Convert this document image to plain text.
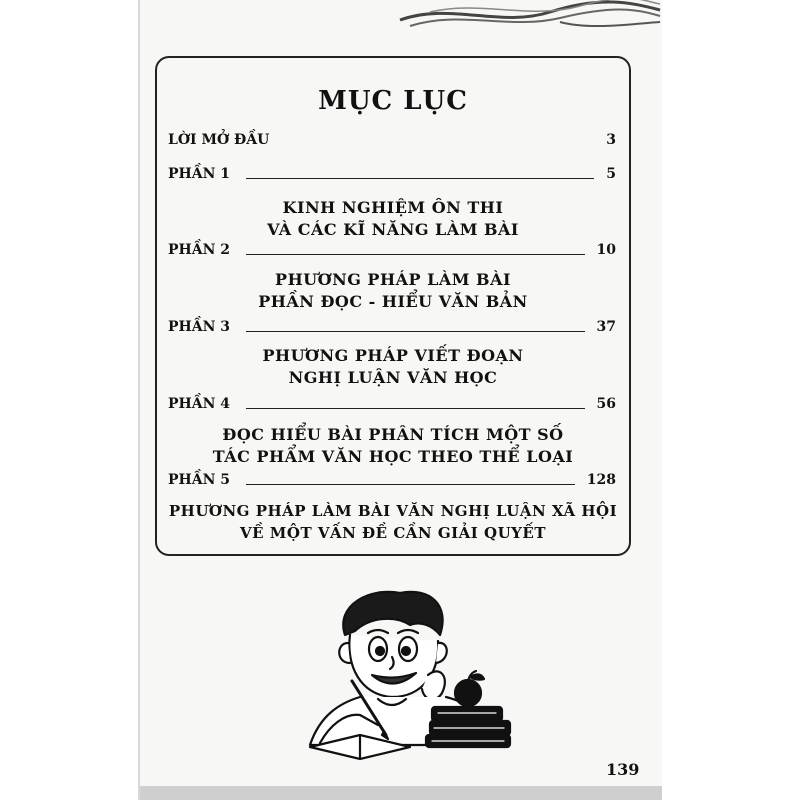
MỤC LỤC
LỜI MỞ ĐẦU	3
PHẦN 1	5
KINH NGHIỆM ÔN THI
VÀ CÁC KĨ NĂNG LÀM BÀI
PHẦN 2	10
PHƯƠNG PHÁP LÀM BÀI
PHẦN ĐỌC - HIỂU VĂN BẢN
PHẦN 3	37
PHƯƠNG PHÁP VIẾT ĐOẠN
NGHỊ LUẬN VĂN HỌC
PHẦN 4	56
ĐỌC HIỂU BÀI PHÂN TÍCH MỘT SỐ
TÁC PHẨM VĂN HỌC THEO THỂ LOẠI
PHẦN 5	128
PHƯƠNG PHÁP LÀM BÀI VĂN NGHỊ LUẬN XÃ HỘI
VỀ MỘT VẤN ĐỀ CẦN GIẢI QUYẾT
139
